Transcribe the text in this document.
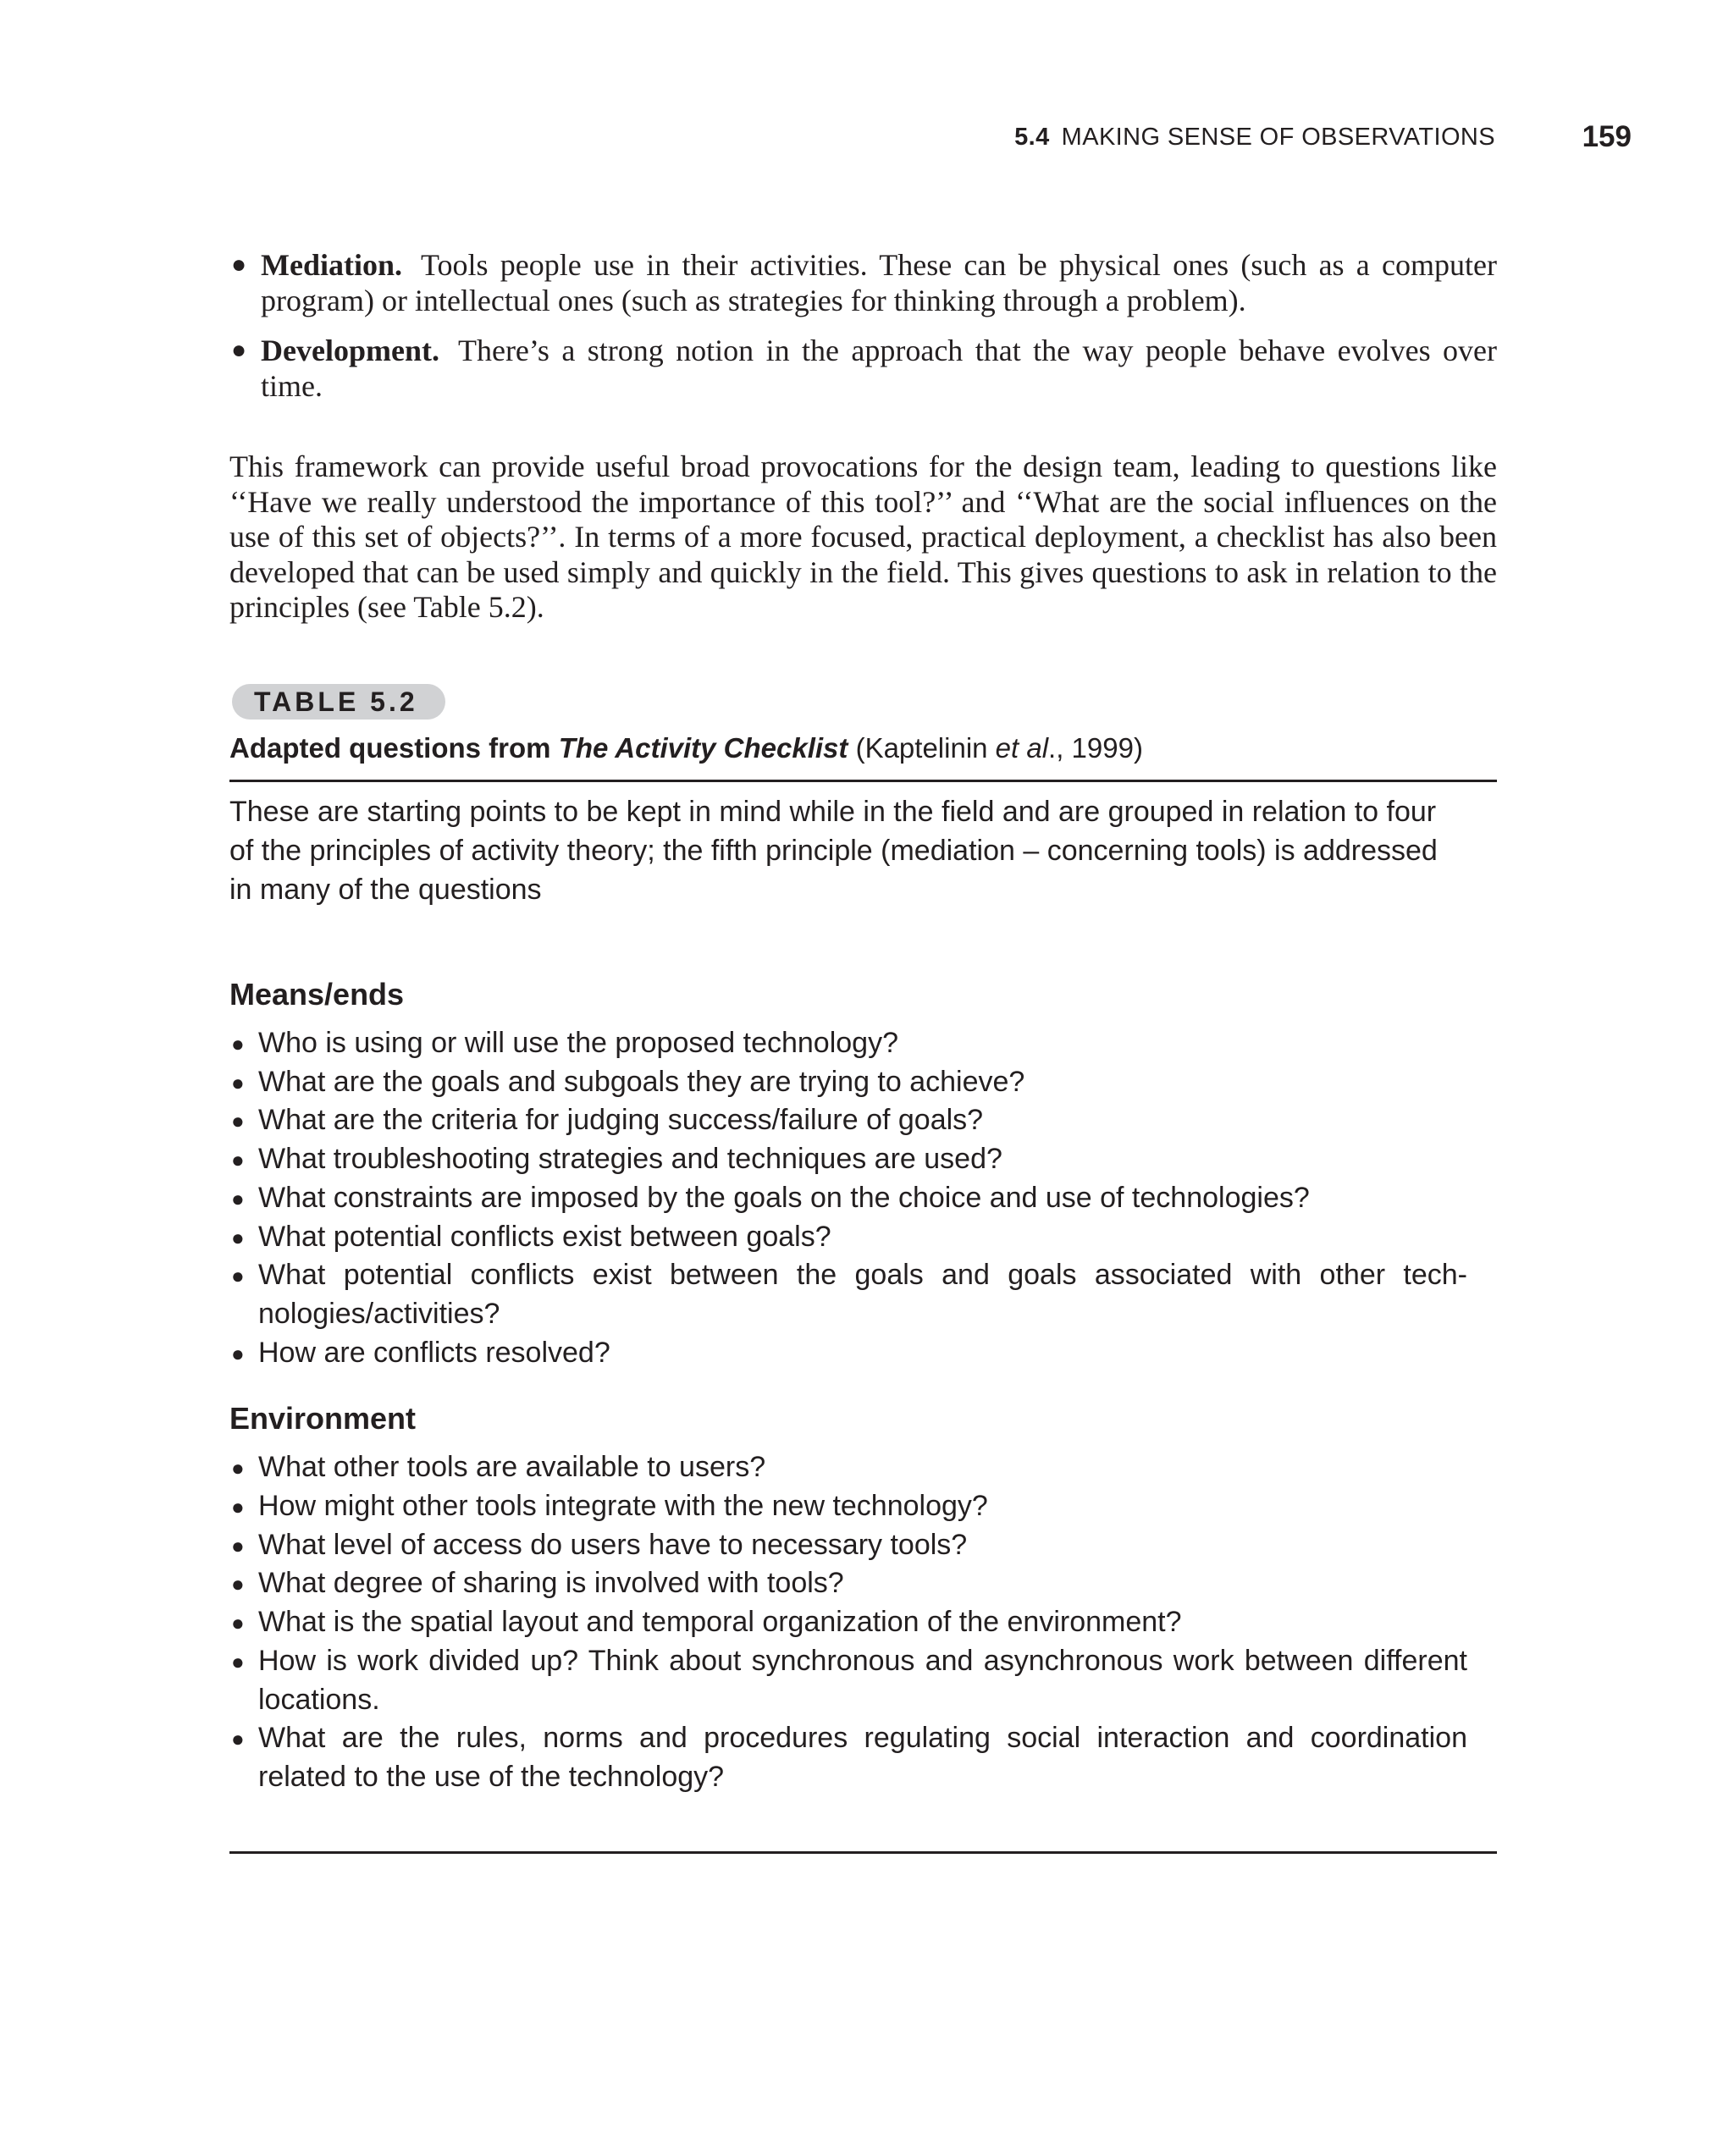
5.4 MAKING SENSE OF OBSERVATIONS	159
● Mediation. Tools people use in their activities. These can be physical ones (such as a computer program) or intellectual ones (such as strategies for thinking through a problem).
● Development. There’s a strong notion in the approach that the way people behave evolves over time.

This framework can provide useful broad provocations for the design team, leading to questions like ‘‘Have we really understood the importance of this tool?’’ and ‘‘What are the social influences on the use of this set of objects?’’. In terms of a more focused, practical deployment, a checklist has also been developed that can be used simply and quickly in the field. This gives questions to ask in relation to the principles (see Table 5.2).

TABLE 5.2
Adapted questions from The Activity Checklist (Kaptelinin et al., 1999)

These are starting points to be kept in mind while in the field and are grouped in relation to four of the principles of activity theory; the fifth principle (mediation – concerning tools) is addressed in many of the questions

Means/ends
● Who is using or will use the proposed technology?
● What are the goals and subgoals they are trying to achieve?
● What are the criteria for judging success/failure of goals?
● What troubleshooting strategies and techniques are used?
● What constraints are imposed by the goals on the choice and use of technologies?
● What potential conflicts exist between goals?
● What potential conflicts exist between the goals and goals associated with other tech-nologies/activities?
● How are conflicts resolved?
Environment
● What other tools are available to users?
● How might other tools integrate with the new technology?
● What level of access do users have to necessary tools?
● What degree of sharing is involved with tools?
● What is the spatial layout and temporal organization of the environment?
● How is work divided up? Think about synchronous and asynchronous work between different locations.
● What are the rules, norms and procedures regulating social interaction and coordination related to the use of the technology?
